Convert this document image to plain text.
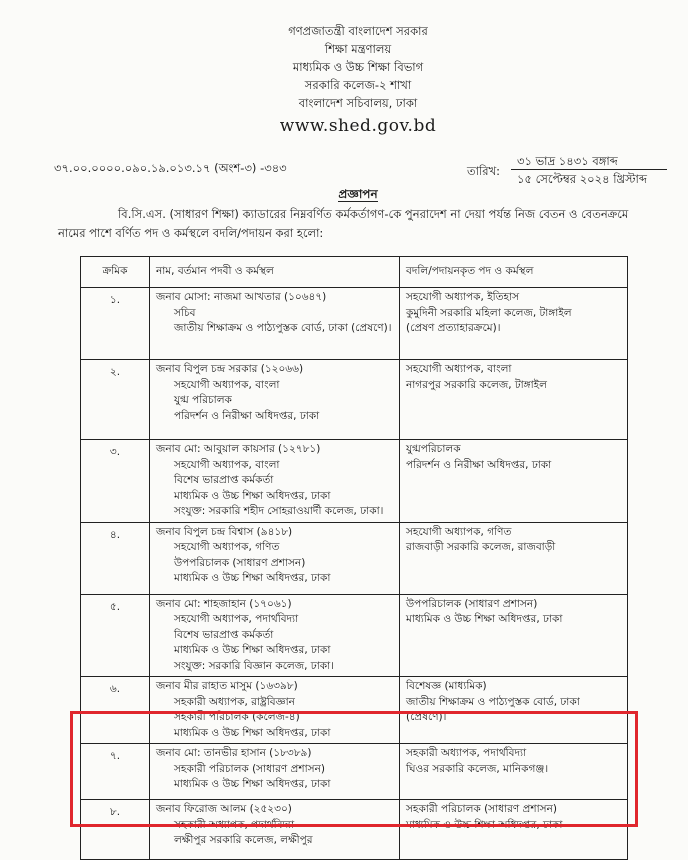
গণপ্রজাতন্ত্রী বাংলাদেশ সরকার
শিক্ষা মন্ত্রণালয়
মাধ্যমিক ও উচ্চ শিক্ষা বিভাগ
সরকারি কলেজ-২ শাখা
বাংলাদেশ সচিবালয়, ঢাকা
www.shed.gov.bd
৩৭.০০.০০০০.০৯০.১৯.০১৩.১৭ (অংশ-৩) -৩৪৩	তারিখ:
৩১ ভাদ্র ১৪৩১ বঙ্গাব্দ
১৫ সেপ্টেম্বর ২০২৪ খ্রিস্টাব্দ
প্রজ্ঞাপন
বি.সি.এস. (সাধারণ শিক্ষা) ক্যাডারের নিম্নবর্ণিত কর্মকর্তাগণ-কে পুনরাদেশ না দেয়া পর্যন্ত নিজ বেতন ও বেতনক্রমে নামের পাশে বর্ণিত পদ ও কর্মস্থলে বদলি/পদায়ন করা হলো:
ক্রমিক	নাম, বর্তমান পদবী ও কর্মস্থল	বদলি/পদায়নকৃত পদ ও কর্মস্থল

১.	জনাব মোসা: নাজমা আখতার (১০৬৪৭)
সচিব
জাতীয় শিক্ষাক্রম ও পাঠ্যপুস্তক বোর্ড, ঢাকা (প্রেষণে)।	সহযোগী অধ্যাপক, ইতিহাস
কুমুদিনী সরকারি মহিলা কলেজ, টাঙ্গাইল
(প্রেষণ প্রত্যাহারক্রমে)।

২.	জনাব বিপুল চন্দ্র সরকার (১২০৬৬)
সহযোগী অধ্যাপক, বাংলা
যুগ্ম পরিচালক
পরিদর্শন ও নিরীক্ষা অধিদপ্তর, ঢাকা	সহযোগী অধ্যাপক, বাংলা
নাগরপুর সরকারি কলেজ, টাঙ্গাইল

৩.	জনাব মো: আবুয়াল কায়সার (১২৭৮১)
সহযোগী অধ্যাপক, বাংলা
বিশেষ ভারপ্রাপ্ত কর্মকর্তা
মাধ্যমিক ও উচ্চ শিক্ষা অধিদপ্তর, ঢাকা
সংযুক্ত: সরকারি শহীদ সোহরাওয়ার্দী কলেজ, ঢাকা।	যুগ্মপরিচালক
পরিদর্শন ও নিরীক্ষা অধিদপ্তর, ঢাকা

৪.	জনাব বিপুল চন্দ্র বিশ্বাস (৯৪১৮)
সহযোগী অধ্যাপক, গণিত
উপপরিচালক (সাধারণ প্রশাসন)
মাধ্যমিক ও উচ্চ শিক্ষা অধিদপ্তর, ঢাকা	সহযোগী অধ্যাপক, গণিত
রাজবাড়ী সরকারি কলেজ, রাজবাড়ী

৫.	জনাব মো: শাহজাহান (১৭০৬১)
সহযোগী অধ্যাপক, পদার্থবিদ্যা
বিশেষ ভারপ্রাপ্ত কর্মকর্তা
মাধ্যমিক ও উচ্চ শিক্ষা অধিদপ্তর, ঢাকা
সংযুক্ত: সরকারি বিজ্ঞান কলেজ, ঢাকা।	উপপরিচালক (সাধারণ প্রশাসন)
মাধ্যমিক ও উচ্চ শিক্ষা অধিদপ্তর, ঢাকা

৬.	জনাব মীর রাহাত মাসুম (১৬৩৯৮)
সহকারী অধ্যাপক, রাষ্ট্রবিজ্ঞান
সহকারী পরিচালক (কলেজ-৪)
মাধ্যমিক ও উচ্চ শিক্ষা অধিদপ্তর, ঢাকা	বিশেষজ্ঞ (মাধ্যমিক)
জাতীয় শিক্ষাক্রম ও পাঠ্যপুস্তক বোর্ড, ঢাকা
(প্রেষণে)।

৭.	জনাব মো: তানভীর হাসান (১৮৩৮৯)
সহকারী পরিচালক (সাধারণ প্রশাসন)
মাধ্যমিক ও উচ্চ শিক্ষা অধিদপ্তর, ঢাকা	সহকারী অধ্যাপক, পদার্থবিদ্যা
ঘিওর সরকারি কলেজ, মানিকগঞ্জ।

৮.	জনাব ফিরোজ আলম (২৫২৩০)
সহকারী অধ্যাপক, পদার্থবিদ্যা
লক্ষীপুর সরকারি কলেজ, লক্ষীপুর	সহকারী পরিচালক (সাধারণ প্রশাসন)
মাধ্যমিক ও উচ্চ শিক্ষা অধিদপ্তর, ঢাকা
